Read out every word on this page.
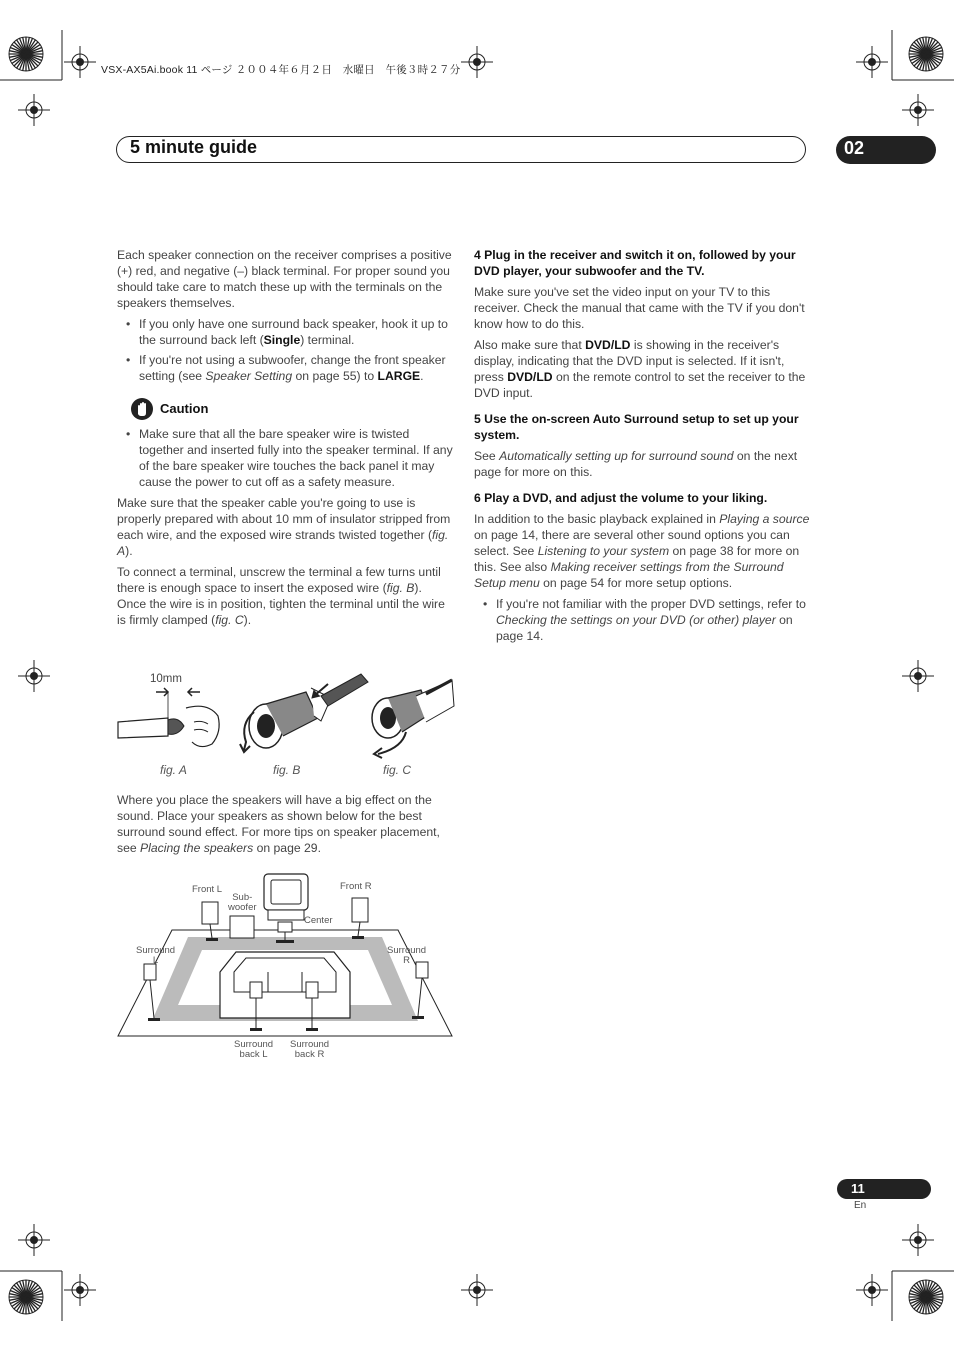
VSX-AX5Ai.book 11 ページ ２００４年６月２日　水曜日　午後３時２７分
5 minute guide	02

Each speaker connection on the receiver comprises a positive (+) red, and negative (–) black terminal. For proper sound you should take care to match these up with the terminals on the speakers themselves.

• If you only have one surround back speaker, hook it up to the surround back left (Single) terminal.
• If you're not using a subwoofer, change the front speaker setting (see Speaker Setting on page 55) to LARGE.
Caution
• Make sure that all the bare speaker wire is twisted together and inserted fully into the speaker terminal. If any of the bare speaker wire touches the back panel it may cause the power to cut off as a safety measure.

Make sure that the speaker cable you're going to use is properly prepared with about 10 mm of insulator stripped from each wire, and the exposed wire strands twisted together (fig. A).

To connect a terminal, unscrew the terminal a few turns until there is enough space to insert the exposed wire (fig. B). Once the wire is in position, tighten the terminal until the wire is firmly clamped (fig. C).

10mm
fig. A	fig. B	fig. C

Where you place the speakers will have a big effect on the sound. Place your speakers as shown below for the best surround sound effect. For more tips on speaker placement, see Placing the speakers on page 29.

Front L
Sub-
woofer
Center
Front R
Surround
L
Surround
R
Surround
back L
Surround
back R

4 Plug in the receiver and switch it on, followed by your DVD player, your subwoofer and the TV.

Make sure you've set the video input on your TV to this receiver. Check the manual that came with the TV if you don't know how to do this.

Also make sure that DVD/LD is showing in the receiver's display, indicating that the DVD input is selected. If it isn't, press DVD/LD on the remote control to set the receiver to the DVD input.

5 Use the on-screen Auto Surround setup to set up your system.

See Automatically setting up for surround sound on the next page for more on this.

6 Play a DVD, and adjust the volume to your liking.

In addition to the basic playback explained in Playing a source on page 14, there are several other sound options you can select. See Listening to your system on page 38 for more on this. See also Making receiver settings from the Surround Setup menu on page 54 for more setup options.

• If you're not familiar with the proper DVD settings, refer to Checking the settings on your DVD (or other) player on page 14.
11
En
